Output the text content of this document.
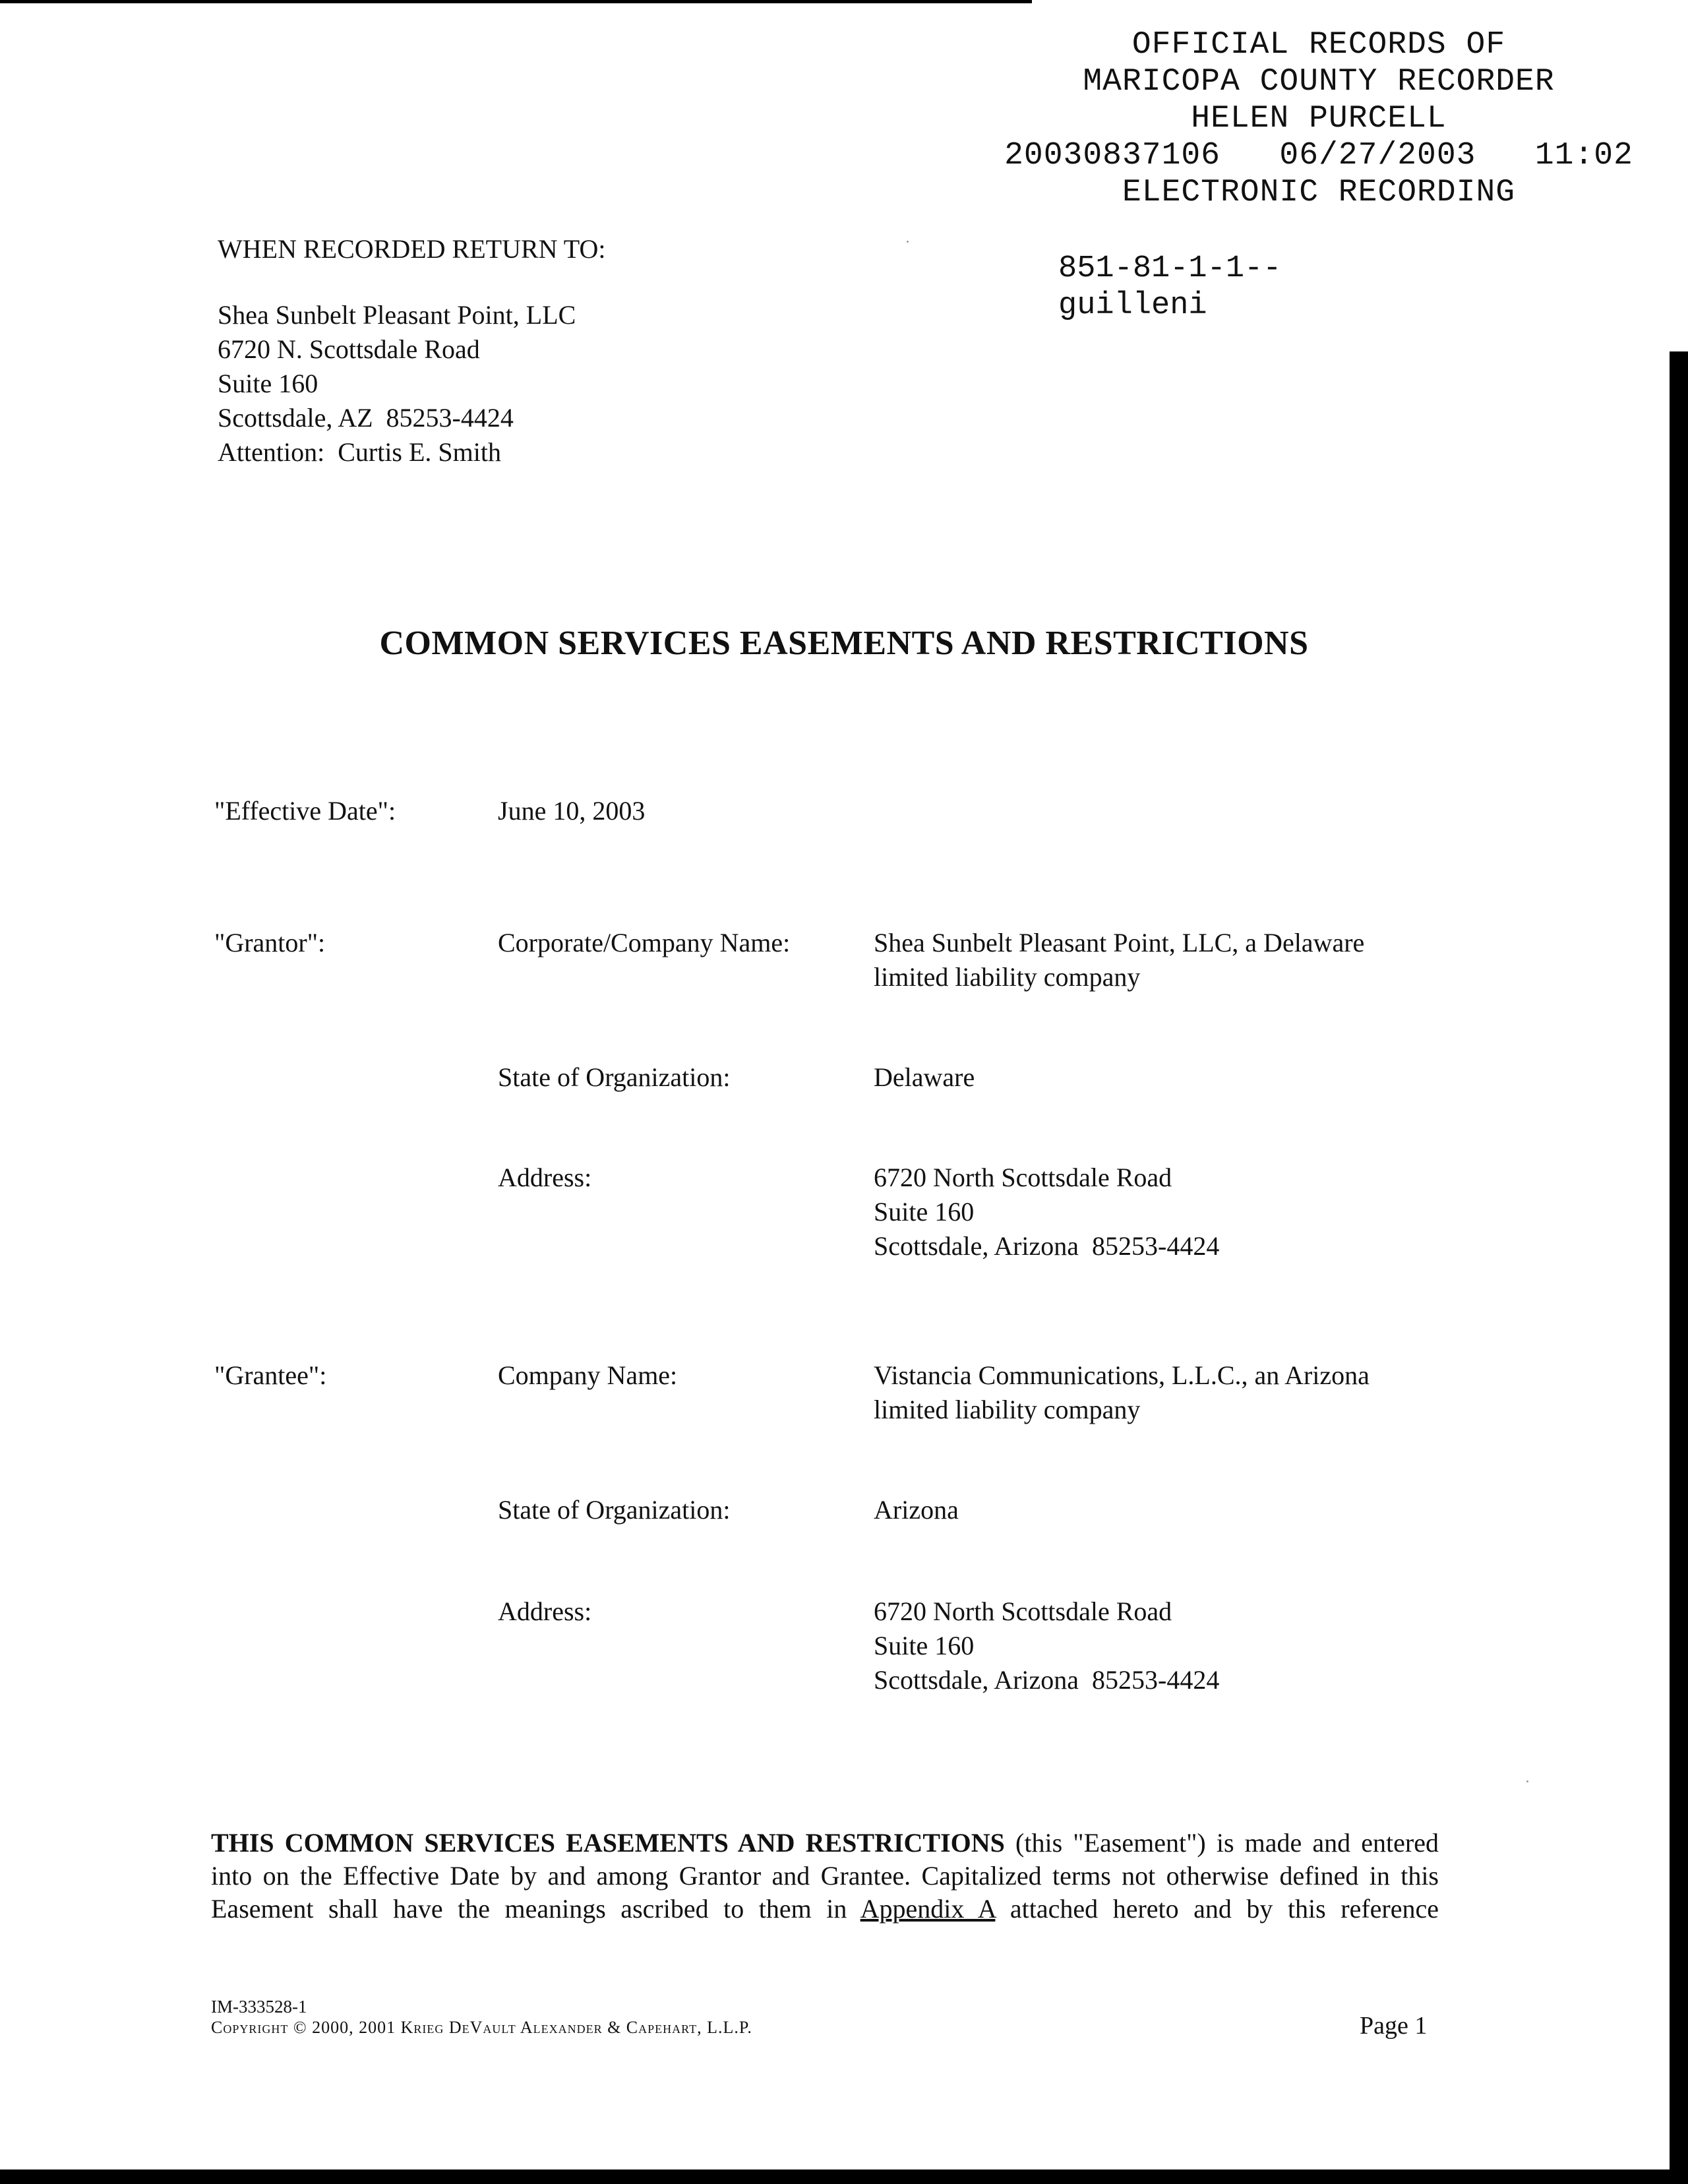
OFFICIAL RECORDS OF
MARICOPA COUNTY RECORDER
HELEN PURCELL
20030837106   06/27/2003   11:02
ELECTRONIC RECORDING
851-81-1-1--
guilleni
WHEN RECORDED RETURN TO:
Shea Sunbelt Pleasant Point, LLC
6720 N. Scottsdale Road
Suite 160
Scottsdale, AZ  85253-4424
Attention:  Curtis E. Smith
COMMON SERVICES EASEMENTS AND RESTRICTIONS
"Effective Date":	June 10, 2003
"Grantor":	Corporate/Company Name:	Shea Sunbelt Pleasant Point, LLC, a Delaware
limited liability company
State of Organization:	Delaware
Address:	6720 North Scottsdale Road
Suite 160
Scottsdale, Arizona  85253-4424
"Grantee":	Company Name:	Vistancia Communications, L.L.C., an Arizona
limited liability company
State of Organization:	Arizona
Address:	6720 North Scottsdale Road
Suite 160
Scottsdale, Arizona  85253-4424
THIS COMMON SERVICES EASEMENTS AND RESTRICTIONS (this "Easement") is made and entered into on the Effective Date by and among Grantor and Grantee. Capitalized terms not otherwise defined in this Easement shall have the meanings ascribed to them in Appendix A attached hereto and by this reference
IM-333528-1
Copyright © 2000, 2001 Krieg DeVault Alexander & Capehart, L.L.P.	Page 1
